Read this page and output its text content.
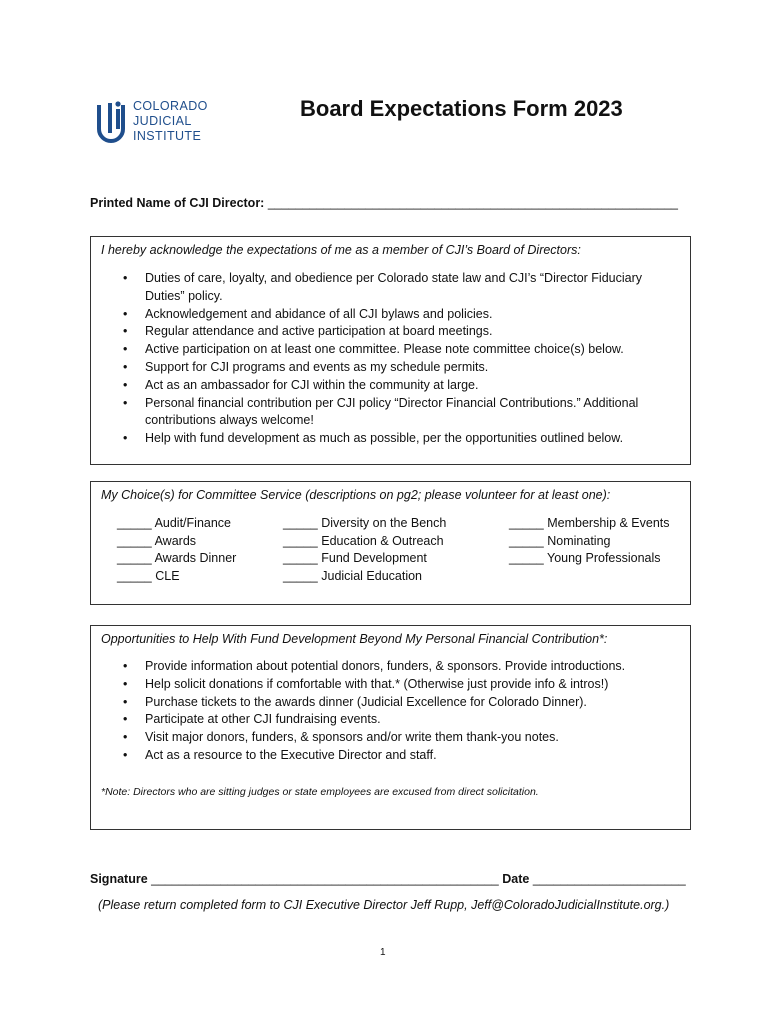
COLORADO
JUDICIAL
INSTITUTE
Board Expectations Form 2023
Printed Name of CJI Director: ___________________________________________________________
I hereby acknowledge the expectations of me as a member of CJI’s Board of Directors:
• Duties of care, loyalty, and obedience per Colorado state law and CJI’s “Director Fiduciary Duties” policy.
• Acknowledgement and abidance of all CJI bylaws and policies.
• Regular attendance and active participation at board meetings.
• Active participation on at least one committee. Please note committee choice(s) below.
• Support for CJI programs and events as my schedule permits.
• Act as an ambassador for CJI within the community at large.
• Personal financial contribution per CJI policy “Director Financial Contributions.” Additional contributions always welcome!
• Help with fund development as much as possible, per the opportunities outlined below.
My Choice(s) for Committee Service (descriptions on pg2; please volunteer for at least one):
_____ Audit/Finance
_____ Awards
_____ Awards Dinner
_____ CLE
_____ Diversity on the Bench
_____ Education & Outreach
_____ Fund Development
_____ Judicial Education
_____ Membership & Events
_____ Nominating
_____ Young Professionals
Opportunities to Help With Fund Development Beyond My Personal Financial Contribution*:
• Provide information about potential donors, funders, & sponsors. Provide introductions.
• Help solicit donations if comfortable with that.* (Otherwise just provide info & intros!)
• Purchase tickets to the awards dinner (Judicial Excellence for Colorado Dinner).
• Participate at other CJI fundraising events.
• Visit major donors, funders, & sponsors and/or write them thank-you notes.
• Act as a resource to the Executive Director and staff.
*Note: Directors who are sitting judges or state employees are excused from direct solicitation.
Signature __________________________________________________ Date ______________________
(Please return completed form to CJI Executive Director Jeff Rupp, Jeff@ColoradoJudicialInstitute.org.)
1
